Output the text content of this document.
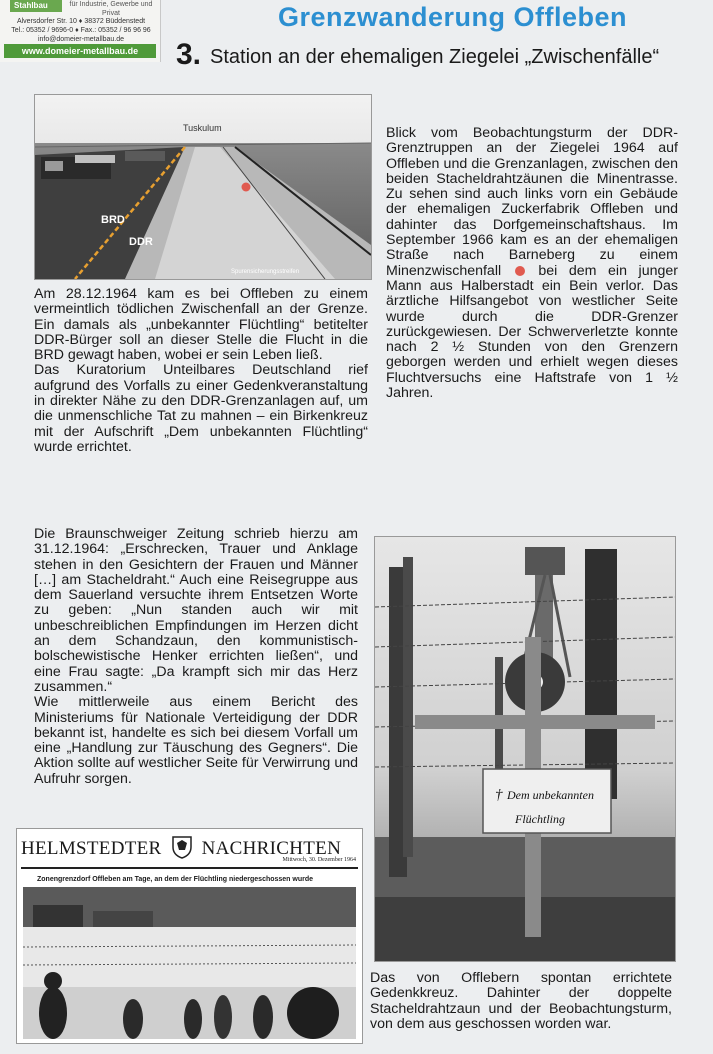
Stahlbau	für Industrie, Gewerbe und Privat
Alversdorfer Str. 10 ♦ 38372 Büddenstedt
Tel.: 05352 / 9696-0 ♦ Fax.: 05352 / 96 96 96
info@domeier-metallbau.de
www.domeier-metallbau.de
Grenzwanderung Offleben
3. Station an der ehemaligen Ziegelei „Zwischenfälle“
Tuskulum
BRD
DDR
Spurensicherungsstreifen

Blick vom Beobachtungsturm der DDR-Grenztruppen an der Ziegelei 1964 auf Offleben und die Grenzanlagen, zwischen den beiden Stacheldrahtzäunen die Minentrasse. Zu sehen sind auch links vorn ein Gebäude der ehemaligen Zuckerfabrik Offleben und dahinter das Dorfgemeinschaftshaus. Im September 1966 kam es an der ehemaligen Straße nach Barneberg zu einem Minenzwischenfall	bei dem ein junger Mann aus Halberstadt ein Bein verlor. Das ärztliche Hilfsangebot von westlicher Seite wurde durch die DDR-Grenzer zurückgewiesen. Der Schwerverletzte konnte nach 2 ½ Stunden von den Grenzern geborgen werden und erhielt wegen dieses Fluchtversuchs eine Haftstrafe von 1 ½ Jahren.

Am 28.12.1964 kam es bei Offleben zu einem vermeintlich tödlichen Zwischenfall an der Grenze. Ein damals als „unbekannter Flüchtling“ betitelter DDR-Bürger soll an dieser Stelle die Flucht in die BRD gewagt haben, wobei er sein Leben ließ.

Das Kuratorium Unteilbares Deutschland rief aufgrund des Vorfalls zu einer Gedenkveranstaltung in direkter Nähe zu den DDR-Grenzanlagen auf, um die unmenschliche Tat zu mahnen – ein Birkenkreuz mit der Aufschrift „Dem unbekannten Flüchtling“ wurde errichtet.

Die Braunschweiger Zeitung schrieb hierzu am 31.12.1964: „Erschrecken, Trauer und Anklage stehen in den Gesichtern der Frauen und Männer […] am Stacheldraht.“ Auch eine Reisegruppe aus dem Sauerland versuchte ihrem Entsetzen Worte zu geben: „Nun standen auch wir mit unbeschreiblichen Empfindungen im Herzen dicht an dem Schandzaun, den kommunistisch-bolschewistische Henker errichten ließen“, und eine Frau sagte: „Da krampft sich mir das Herz zusammen.“

Wie mittlerweile aus einem Bericht des Ministeriums für Nationale Verteidigung der DDR bekannt ist, handelte es sich bei diesem Vorfall um eine „Handlung zur Täuschung des Gegners“. Die Aktion sollte auf westlicher Seite für Verwirrung und Aufruhr sorgen.

† Dem unbekannten
Flüchtling
HELMSTEDTER NACHRICHTEN
Mittwoch, 30. Dezember 1964
Zonengrenzdorf Offleben am Tage, an dem der Flüchtling niedergeschossen wurde

Das von Offlebern spontan errichtete Gedenkkreuz. Dahinter der doppelte Stacheldrahtzaun und der Beobachtungsturm, von dem aus geschossen worden war.
